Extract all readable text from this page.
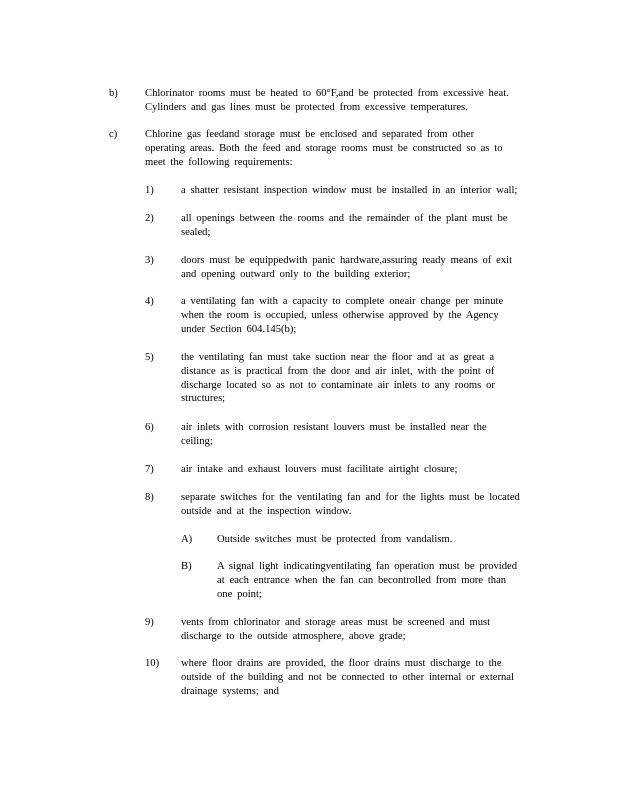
b)	Chlorinator rooms must be heated to 60°F,and be protected from excessive heat.
Cylinders and gas lines must be protected from excessive temperatures.
c)	Chlorine gas feedand storage must be enclosed and separated from other
operating areas. Both the feed and storage rooms must be constructed so as to
meet the following requirements:
1)	a shatter resistant inspection window must be installed in an interior wall;
2)	all openings between the rooms and the remainder of the plant must be
sealed;
3)	doors must be equippedwith panic hardware,assuring ready means of exit
and opening outward only to the building exterior;
4)	a ventilating fan with a capacity to complete oneair change per minute
when the room is occupied, unless otherwise approved by the Agency
under Section 604.145(b);
5)	the ventilating fan must take suction near the floor and at as great a
distance as is practical from the door and air inlet, with the point of
discharge located so as not to contaminate air inlets to any rooms or
structures;
6)	air inlets with corrosion resistant louvers must be installed near the
ceiling;
7)	air intake and exhaust louvers must facilitate airtight closure;
8)	separate switches for the ventilating fan and for the lights must be located
outside and at the inspection window.
A) Outside switches must be protected from vandalism.
B) A signal light indicatingventilating fan operation must be provided
at each entrance when the fan can becontrolled from more than
one point;
9)	vents from chlorinator and storage areas must be screened and must
discharge to the outside atmosphere, above grade;
10) where floor drains are provided, the floor drains must discharge to the
outside of the building and not be connected to other internal or external
drainage systems; and
